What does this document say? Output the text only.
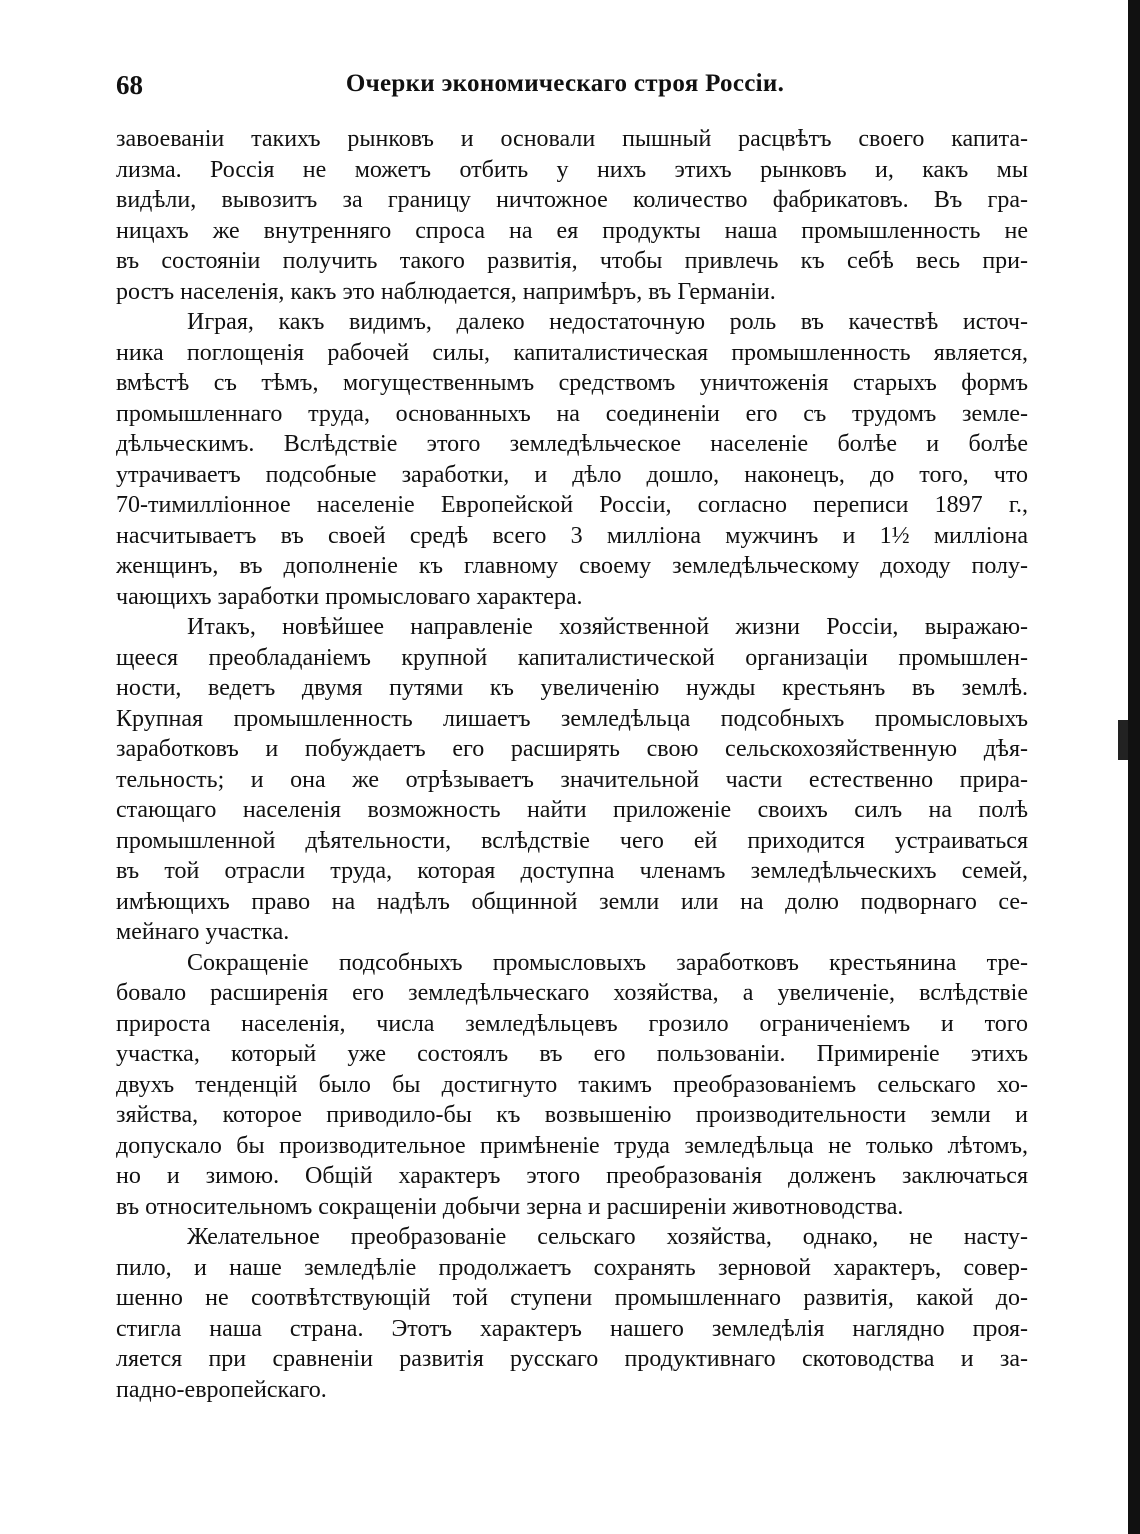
68	Очерки экономическаго строя Россіи.
завоеваніи такихъ рынковъ и основали пышный расцвѣтъ своего капита-
лизма. Россія не можетъ отбить у нихъ этихъ рынковъ и, какъ мы
видѣли, вывозитъ за границу ничтожное количество фабрикатовъ. Въ гра-
ницахъ же внутренняго спроса на ея продукты наша промышленность не
въ состояніи получить такого развитія, чтобы привлечь къ себѣ весь при-
ростъ населенія, какъ это наблюдается, напримѣръ, въ Германіи.
Играя, какъ видимъ, далеко недостаточную роль въ качествѣ источ-
ника поглощенія рабочей силы, капиталистическая промышленность является,
вмѣстѣ съ тѣмъ, могущественнымъ средствомъ уничтоженія старыхъ формъ
промышленнаго труда, основанныхъ на соединеніи его съ трудомъ земле-
дѣльческимъ. Вслѣдствіе этого земледѣльческое населеніе болѣе и болѣе
утрачиваетъ подсобные заработки, и дѣло дошло, наконецъ, до того, что
70-тимилліонное населеніе Европейской Россіи, согласно переписи 1897 г.,
насчитываетъ въ своей средѣ всего 3 милліона мужчинъ и 1½ милліона
женщинъ, въ дополненіе къ главному своему земледѣльческому доходу полу-
чающихъ заработки промысловаго характера.
Итакъ, новѣйшее направленіе хозяйственной жизни Россіи, выражаю-
щееся преобладаніемъ крупной капиталистической организаціи промышлен-
ности, ведетъ двумя путями къ увеличенію нужды крестьянъ въ землѣ.
Крупная промышленность лишаетъ земледѣльца подсобныхъ промысловыхъ
заработковъ и побуждаетъ его расширять свою сельскохозяйственную дѣя-
тельность; и она же отрѣзываетъ значительной части естественно прира-
стающаго населенія возможность найти приложеніе своихъ силъ на полѣ
промышленной дѣятельности, вслѣдствіе чего ей приходится устраиваться
въ той отрасли труда, которая доступна членамъ земледѣльческихъ семей,
имѣющихъ право на надѣлъ общинной земли или на долю подворнаго се-
мейнаго участка.
Сокращеніе подсобныхъ промысловыхъ заработковъ крестьянина тре-
бовало расширенія его земледѣльческаго хозяйства, а увеличеніе, вслѣдствіе
прироста населенія, числа земледѣльцевъ грозило ограниченіемъ и того
участка, который уже состоялъ въ его пользованіи. Примиреніе этихъ
двухъ тенденцій было бы достигнуто такимъ преобразованіемъ сельскаго хо-
зяйства, которое приводило-бы къ возвышенію производительности земли и
допускало бы производительное примѣненіе труда земледѣльца не только лѣтомъ,
но и зимою. Общій характеръ этого преобразованія долженъ заключаться
въ относительномъ сокращеніи добычи зерна и расширеніи животноводства.
Желательное преобразованіе сельскаго хозяйства, однако, не насту-
пило, и наше земледѣліе продолжаетъ сохранять зерновой характеръ, совер-
шенно не соотвѣтствующій той ступени промышленнаго развитія, какой до-
стигла наша страна. Этотъ характеръ нашего земледѣлія наглядно проя-
ляется при сравненіи развитія русскаго продуктивнаго скотоводства и за-
падно-европейскаго.
